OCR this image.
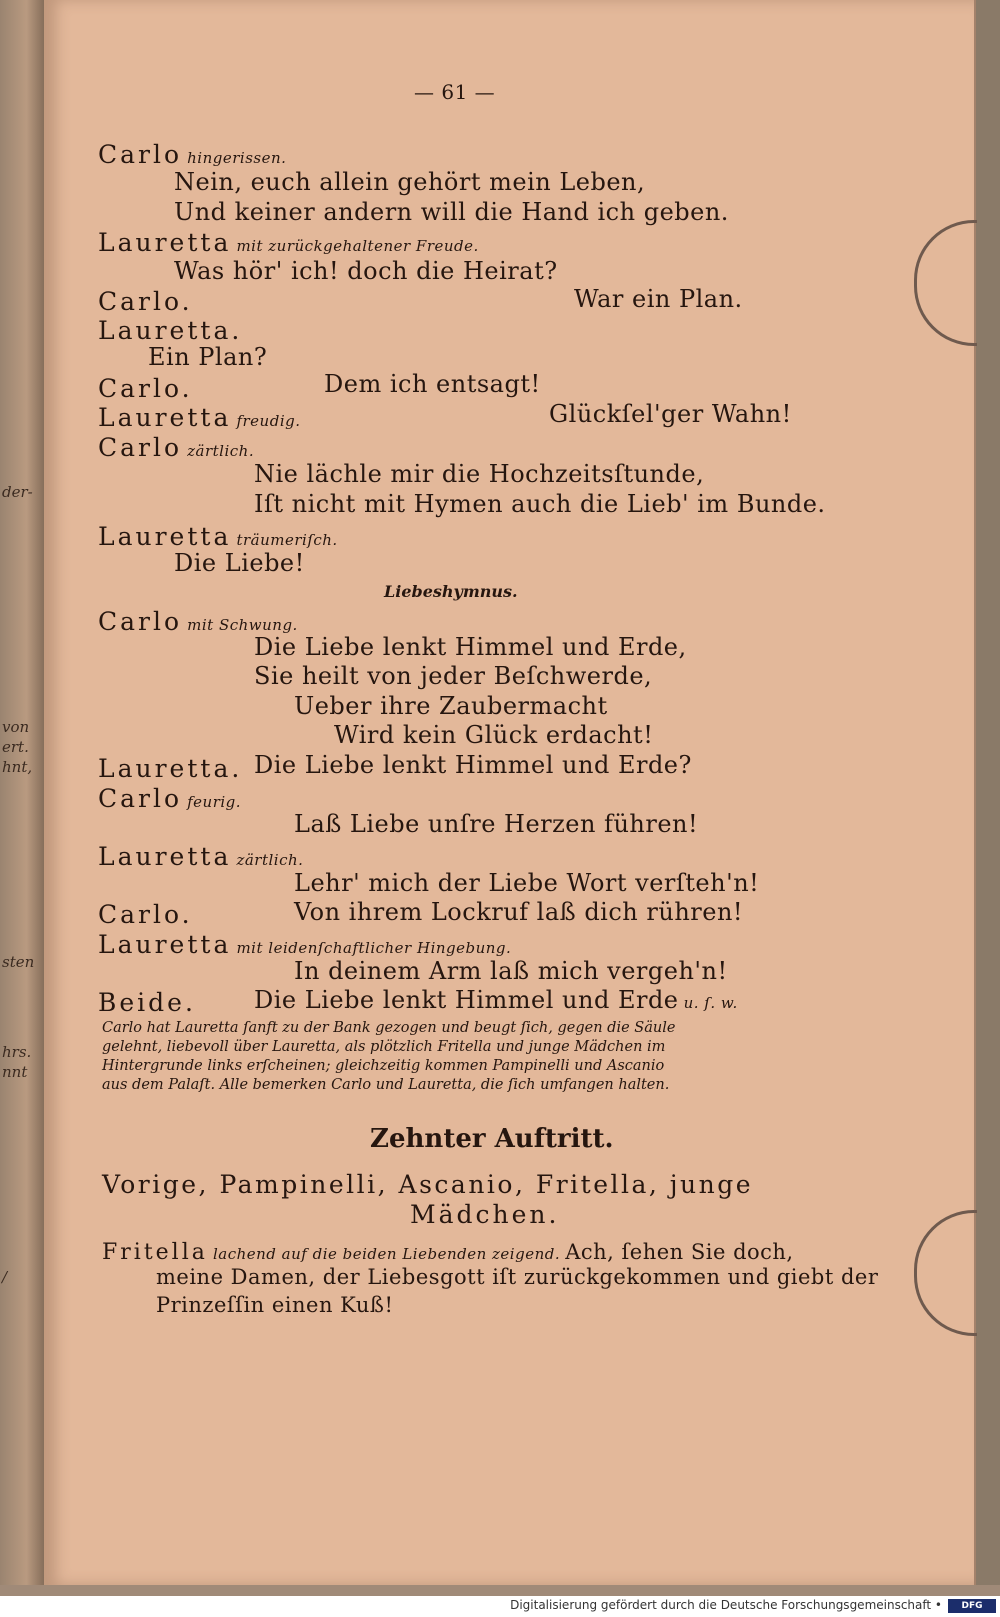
der-
von
ert.
hnt,
sten
hrs.
nnt
/
— 61 —
Carlo hingerissen.
Nein, euch allein gehört mein Leben,
Und keiner andern will die Hand ich geben.
Lauretta mit zurückgehaltener Freude.
Was hör' ich! doch die Heirat?
Carlo.	War ein Plan.
Lauretta.
Ein Plan?
Carlo.	Dem ich entsagt!
Lauretta freudig.	Glückſel'ger Wahn!
Carlo zärtlich.
Nie lächle mir die Hochzeitsſtunde,
Iſt nicht mit Hymen auch die Lieb' im Bunde.
Lauretta träumeriſch.
Die Liebe!
Liebeshymnus.
Carlo mit Schwung.
Die Liebe lenkt Himmel und Erde,
Sie heilt von jeder Beſchwerde,
Ueber ihre Zaubermacht
Wird kein Glück erdacht!
Lauretta. Die Liebe lenkt Himmel und Erde?
Carlo feurig.
Laß Liebe unſre Herzen führen!
Lauretta zärtlich.
Lehr' mich der Liebe Wort verſteh'n!
Carlo.	Von ihrem Lockruf laß dich rühren!
Lauretta mit leidenſchaftlicher Hingebung.
In deinem Arm laß mich vergeh'n!
Beide. Die Liebe lenkt Himmel und Erde u. ſ. w.
Carlo hat Lauretta ſanft zu der Bank gezogen und beugt ſich, gegen die Säule
gelehnt, liebevoll über Lauretta, als plötzlich Fritella und junge Mädchen im
Hintergrunde links erſcheinen; gleichzeitig kommen Pampinelli und Ascanio
aus dem Palaſt. Alle bemerken Carlo und Lauretta, die ſich umfangen halten.
Zehnter Auftritt.
Vorige, Pampinelli, Ascanio, Fritella, junge
Mädchen.
Fritella lachend auf die beiden Liebenden zeigend. Ach, ſehen Sie doch,
meine Damen, der Liebesgott iſt zurückgekommen und giebt der
Prinzeſſin einen Kuß!
Digitalisierung gefördert durch die Deutsche Forschungsgemeinschaft •	DFG
